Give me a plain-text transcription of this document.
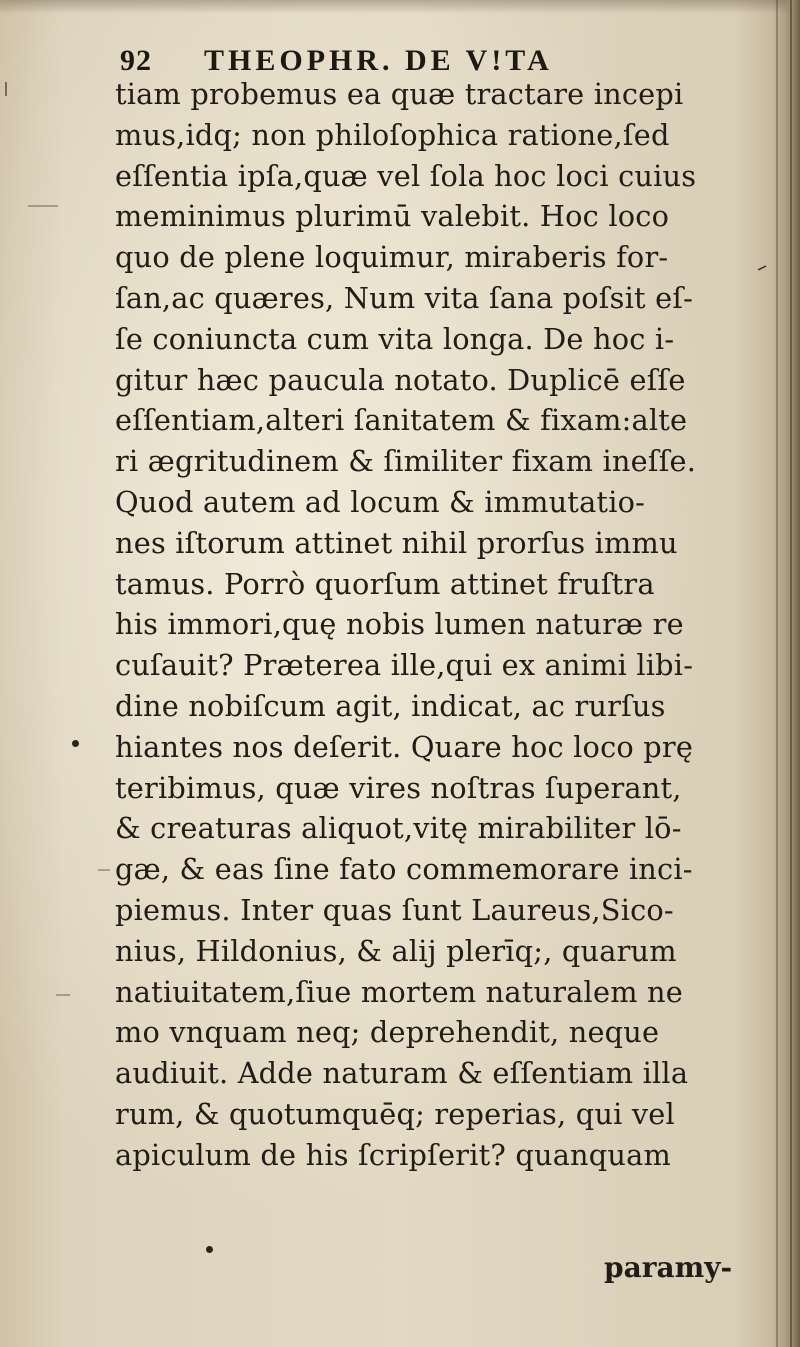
92 THEOPHR. DE V!TA
tiam probemus ea quæ tractare incepi
mus,idq; non philoſophica ratione,ſed
eſſentia ipſa,quæ vel ſola hoc loci cuius
meminimus plurimū valebit. Hoc loco
quo de plene loquimur, miraberis for-
ſan,ac quæres, Num vita ſana poſsit eſ-
ſe coniuncta cum vita longa. De hoc i-
gitur hæc paucula notato. Duplicē eſſe
eſſentiam,alteri ſanitatem & fixam:alte
ri ægritudinem & ſimiliter fixam ineſſe.
Quod autem ad locum & immutatio-
nes iſtorum attinet nihil prorſus immu
tamus. Porrò quorſum attinet fruſtra
his immori,quę nobis lumen naturæ re
cuſauit? Præterea ille,qui ex animi libi-
dine nobiſcum agit, indicat, ac rurſus
hiantes nos deſerit. Quare hoc loco prę
teribimus, quæ vires noſtras ſuperant,
& creaturas aliquot,vitę mirabiliter lō-
gæ, & eas ſine fato commemorare inci-
piemus. Inter quas ſunt Laureus,Sico-
nius, Hildonius, & alij plerīq;, quarum
natiuitatem,ſiue mortem naturalem ne
mo vnquam neq; deprehendit, neque
audiuit. Adde naturam & eſſentiam illa
rum, & quotumquēq; reperias, qui vel
apiculum de his ſcripſerit? quanquam
paramy-
